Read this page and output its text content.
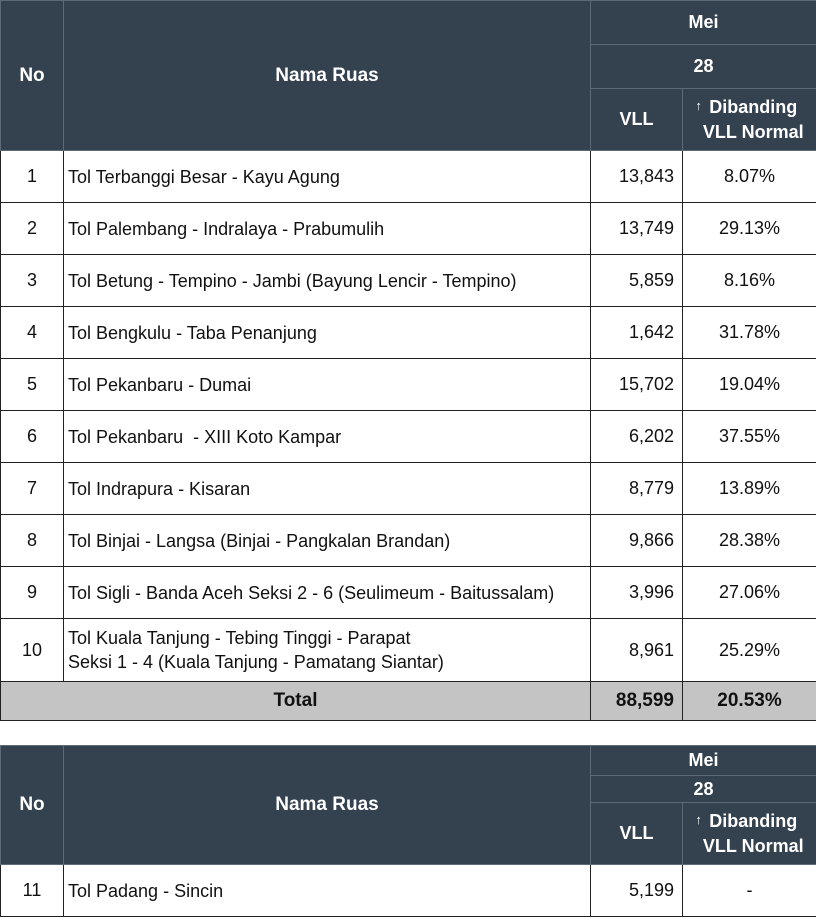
No	Nama Ruas	Mei	
		28	
		VLL	↑ Dibanding
VLL Normal

1	Tol Terbanggi Besar - Kayu Agung	13,843	8.07%
2	Tol Palembang - Indralaya - Prabumulih	13,749	29.13%
3	Tol Betung - Tempino - Jambi (Bayung Lencir - Tempino)	5,859	8.16%
4	Tol Bengkulu - Taba Penanjung	1,642	31.78%
5	Tol Pekanbaru - Dumai	15,702	19.04%
6	Tol Pekanbaru  - XIII Koto Kampar	6,202	37.55%
7	Tol Indrapura - Kisaran	8,779	13.89%
8	Tol Binjai - Langsa (Binjai - Pangkalan Brandan)	9,866	28.38%
9	Tol Sigli - Banda Aceh Seksi 2 - 6 (Seulimeum - Baitussalam)	3,996	27.06%
10	Tol Kuala Tanjung - Tebing Tinggi - Parapat
Seksi 1 - 4 (Kuala Tanjung - Pamatang Siantar)	8,961	25.29%
Total		88,599	20.53%
No	Nama Ruas	Mei	
		28	
		VLL	↑ Dibanding
VLL Normal

11	Tol Padang - Sincin	5,199	-
